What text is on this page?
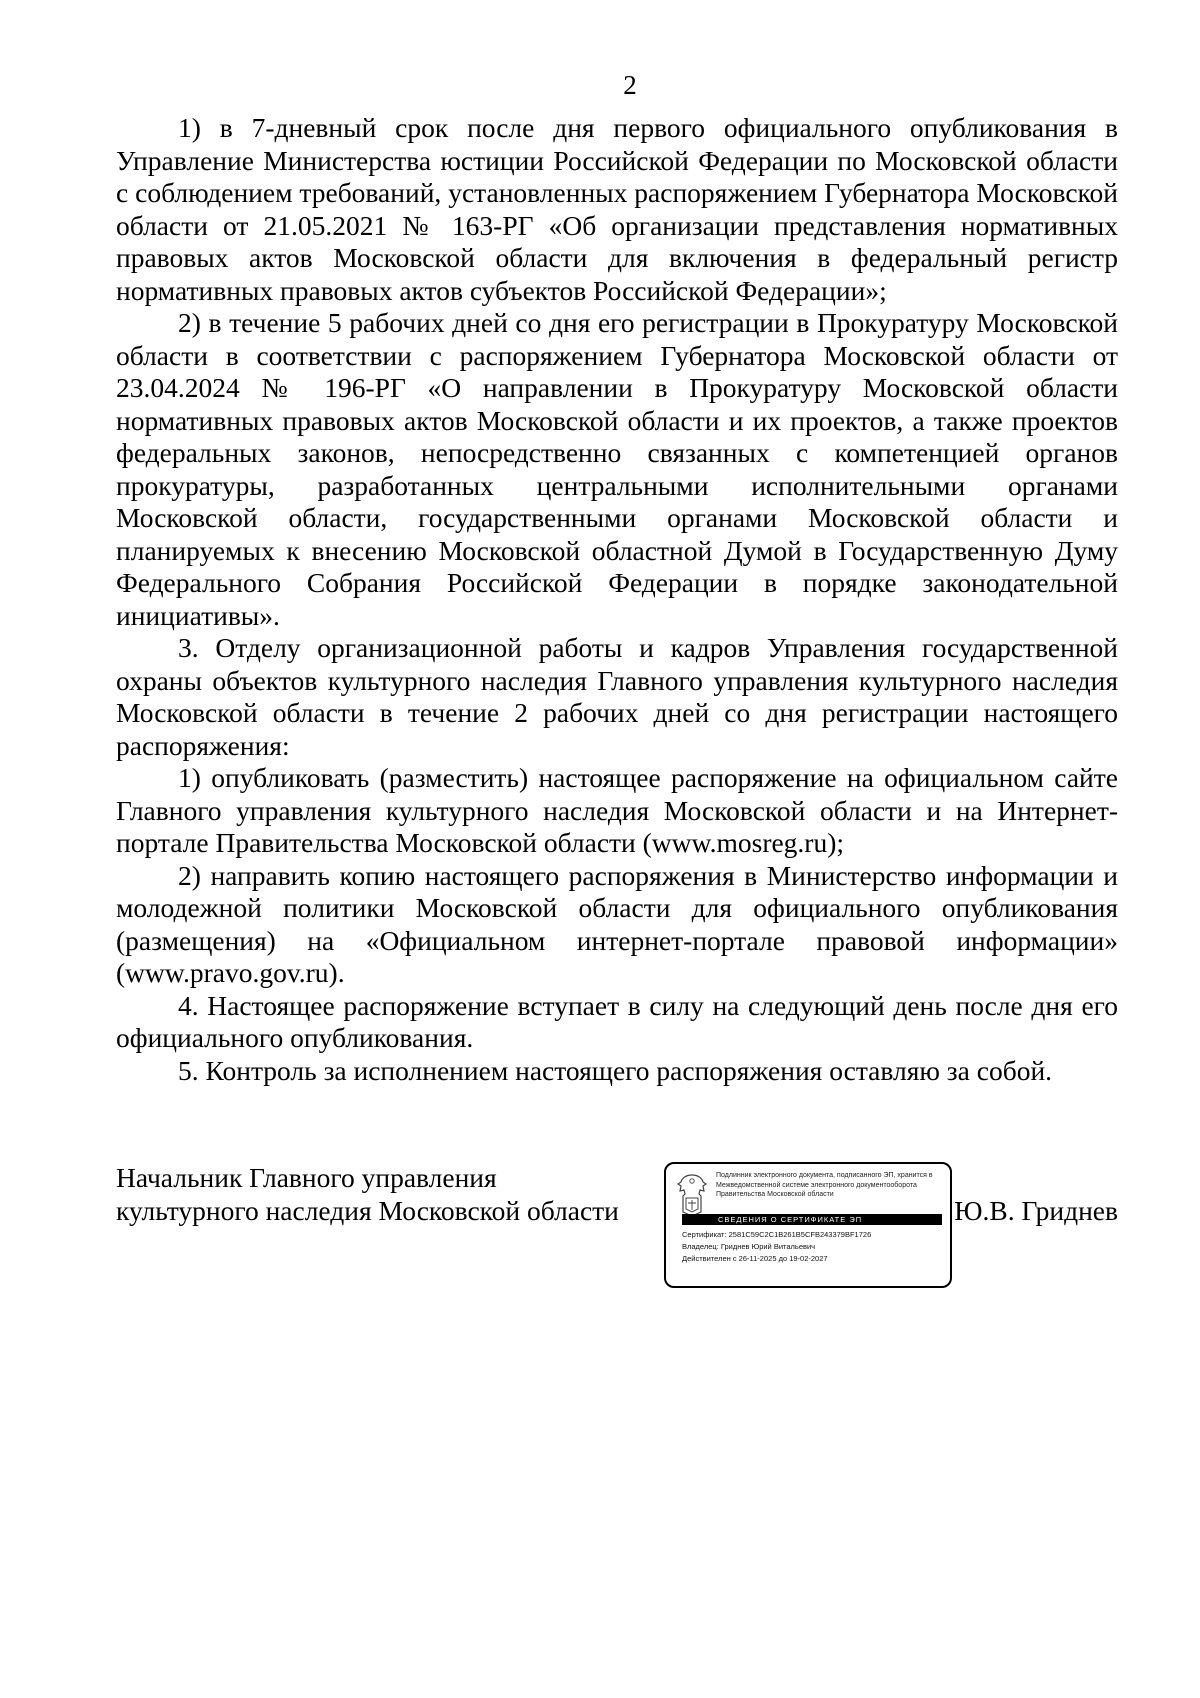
2

1) в 7-дневный срок после дня первого официального опубликования в Управление Министерства юстиции Российской Федерации по Московской области с соблюдением требований, установленных распоряжением Губернатора Московской области от 21.05.2021 № 163-РГ «Об организации представления нормативных правовых актов Московской области для включения в федеральный регистр нормативных правовых актов субъектов Российской Федерации»;

2) в течение 5 рабочих дней со дня его регистрации в Прокуратуру Московской области в соответствии с распоряжением Губернатора Московской области от 23.04.2024 № 196-РГ «О направлении в Прокуратуру Московской области нормативных правовых актов Московской области и их проектов, а также проектов федеральных законов, непосредственно связанных с компетенцией органов прокуратуры, разработанных центральными исполнительными органами Московской области, государственными органами Московской области и планируемых к внесению Московской областной Думой в Государственную Думу Федерального Собрания Российской Федерации в порядке законодательной инициативы».

3. Отделу организационной работы и кадров Управления государственной охраны объектов культурного наследия Главного управления культурного наследия Московской области в течение 2 рабочих дней со дня регистрации настоящего распоряжения:

1) опубликовать (разместить) настоящее распоряжение на официальном сайте Главного управления культурного наследия Московской области и на Интернет-портале Правительства Московской области (www.mosreg.ru);

2) направить копию настоящего распоряжения в Министерство информации и молодежной политики Московской области для официального опубликования (размещения) на «Официальном интернет-портале правовой информации» (www.pravo.gov.ru).

4. Настоящее распоряжение вступает в силу на следующий день после дня его официального опубликования.

5. Контроль за исполнением настоящего распоряжения оставляю за собой.

Начальник Главного управления
культурного наследия Московской области
Подлинник электронного документа, подписанного ЭП, хранится в Межведомственной системе электронного документооборота Правительства Московской области
СВЕДЕНИЯ О СЕРТИФИКАТЕ ЭП
Сертификат: 2581C59C2C1B261B5CFB243379BF1726
Владелец: Гриднев Юрий Витальевич
Действителен с 26-11-2025 до 19-02-2027
Ю.В. Гриднев
